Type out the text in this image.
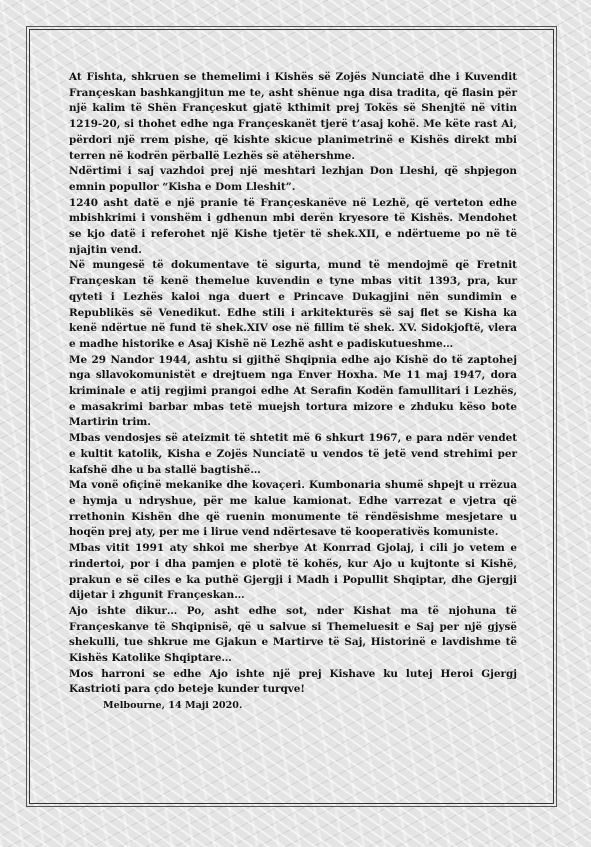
At Fishta, shkruen se themelimi i Kishës së Zojës Nunciatë dhe i Kuvendit Françeskan bashkangjitun me te, asht shënue nga disa tradita, që flasin për një kalim të Shën Françeskut gjatë kthimit prej Tokës së Shenjtë në vitin 1219-20, si thohet edhe nga Françeskanët tjerë t’asaj kohë. Me këte rast Ai, përdori një rrem pishe, që kishte skicue planimetrinë e Kishës direkt mbi terren në kodrën përballë Lezhës së atëhershme.

Ndërtimi i saj vazhdoi prej një meshtari lezhjan Don Lleshi, që shpjegon emnin popullor “Kisha e Dom Lleshit”.

1240 asht datë e një pranie të Françeskanëve në Lezhë, që verteton edhe mbishkrimi i vonshëm i gdhenun mbi derën kryesore të Kishës. Mendohet se kjo datë i referohet një Kishe tjetër të shek.XII, e ndërtueme po në të njajtin vend.

Në mungesë të dokumentave të sigurta, mund të mendojmë që Fretnit Françeskan të kenë themelue kuvendin e tyne mbas vitit 1393, pra, kur qyteti i Lezhës kaloi nga duert e Princave Dukagjini nën sundimin e Republikës së Venedikut. Edhe stili i arkitekturës së saj flet se Kisha ka kenë ndërtue në fund të shek.XIV ose në fillim të shek. XV. Sidokjoftë, vlera e madhe historike e Asaj Kishë në Lezhë asht e padiskutueshme…

Me 29 Nandor 1944, ashtu si gjithë Shqipnia edhe ajo Kishë do të zaptohej nga sllavokomunistët e drejtuem nga Enver Hoxha. Me 11 maj 1947, dora kriminale e atij regjimi prangoi edhe At Serafin Kodën famullitari i Lezhës, e masakrimi barbar mbas tetë muejsh tortura mizore e zhduku këso bote Martirin trim.

Mbas vendosjes së ateizmit të shtetit më 6 shkurt 1967, e para ndër vendet e kultit katolik, Kisha e Zojës Nunciatë u vendos të jetë vend strehimi per kafshë dhe u ba stallë bagtishë…

Ma vonë ofiçinë mekanike dhe kovaçeri. Kumbonaria shumë shpejt u rrëzua e hymja u ndryshue, për me kalue kamionat. Edhe varrezat e vjetra që rrethonin Kishën dhe që ruenin monumente të rëndësishme mesjetare u hoqën prej aty, per me i lirue vend ndërtesave të kooperativës komuniste.

Mbas vitit 1991 aty shkoi me sherbye At Konrrad Gjolaj, i cili jo vetem e rindertoi, por i dha pamjen e plotë të kohës, kur Ajo u kujtonte si Kishë, prakun e së ciles e ka puthë Gjergji i Madh i Popullit Shqiptar, dhe Gjergji dijetar i zhgunit Françeskan…

Ajo ishte dikur… Po, asht edhe sot, nder Kishat ma të njohuna të Françeskanve të Shqipnisë, që u salvue si Themeluesit e Saj per një gjysë shekulli, tue shkrue me Gjakun e Martirve të Saj, Historinë e lavdishme të Kishës Katolike Shqiptare…

Mos harroni se edhe Ajo ishte një prej Kishave ku lutej Heroi Gjergj Kastrioti para çdo beteje kunder turqve!

Melbourne, 14 Maji 2020.
